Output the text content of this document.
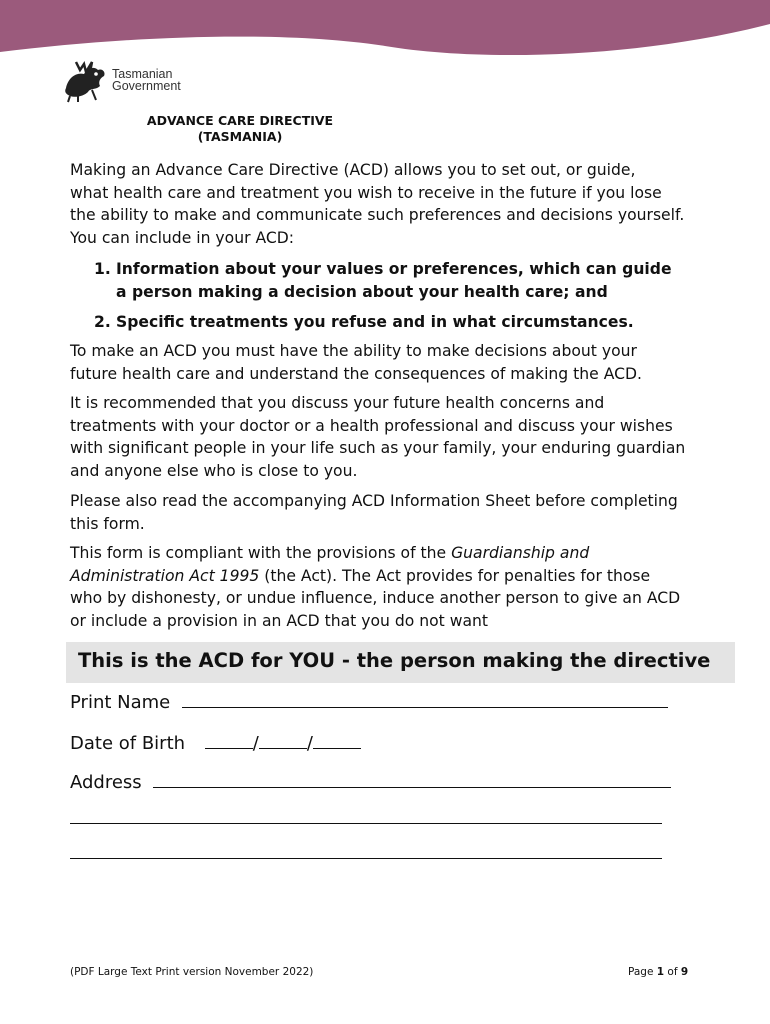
Tasmanian
Government
ADVANCE CARE DIRECTIVE
(TASMANIA)
Making an Advance Care Directive (ACD) allows you to set out, or guide,
what health care and treatment you wish to receive in the future if you lose
the ability to make and communicate such preferences and decisions yourself.
You can include in your ACD:
1. Information about your values or preferences, which can guide
a person making a decision about your health care; and
2. Specific treatments you refuse and in what circumstances.
To make an ACD you must have the ability to make decisions about your
future health care and understand the consequences of making the ACD.
It is recommended that you discuss your future health concerns and
treatments with your doctor or a health professional and discuss your wishes
with significant people in your life such as your family, your enduring guardian
and anyone else who is close to you.
Please also read the accompanying ACD Information Sheet before completing
this form.
This form is compliant with the provisions of the Guardianship and
Administration Act 1995 (the Act). The Act provides for penalties for those
who by dishonesty, or undue influence, induce another person to give an ACD
or include a provision in an ACD that you do not want
This is the ACD for YOU - the person making the directive
Print Name
Date of Birth	/	/
Address
(PDF Large Text Print version November 2022)	Page 1 of 9
